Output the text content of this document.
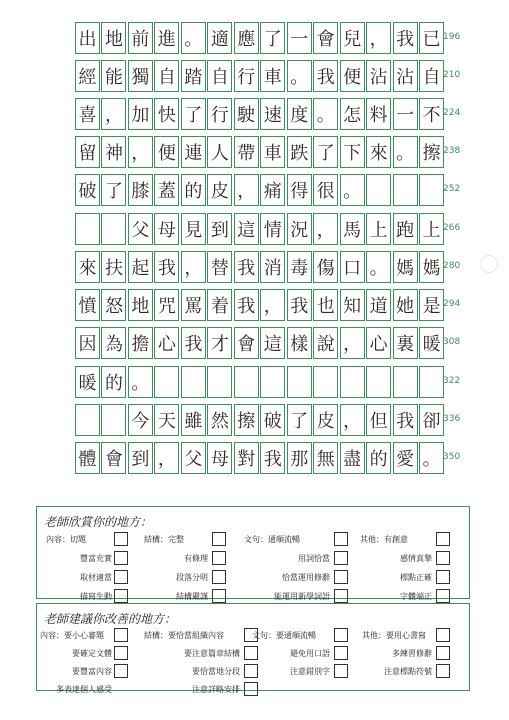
出 地 前 進 。 適 應 了 一 會 兒 ， 我 已
經 能 獨 自 踏 自 行 車 。 我 便 沾 沾 自
喜 ， 加 快 了 行 駛 速 度 。 怎 料 一 不
留 神 ， 便 連 人 帶 車 跌 了 下 來 。 擦
破 了 膝 蓋 的 皮 ， 痛 得 很 。
父 母 見 到 這 情 況 ， 馬 上 跑 上
來 扶 起 我 ， 替 我 消 毒 傷 口 。 媽 媽
憤 怒 地 咒 罵 着 我 ， 我 也 知 道 她 是
因 為 擔 心 我 才 會 這 樣 說 ， 心 裏 暖
暖 的 。
今 天 雖 然 擦 破 了 皮 ， 但 我 卻
體 會 到 ， 父 母 對 我 那 無 盡 的 愛 。
老師欣賞你的地方：
內容：切題
豐富充實
取材適當
描寫生動
結構：完整
有條理
段落分明
結構嚴謹
文句：通順流暢
用詞恰當
恰當運用修辭
能運用新學詞語
其他：有創意
感情真摯
標點正確
字體端正
老師建議你改善的地方：
內容：要小心審題
要確定文體
要豐富內容
多表達個人感受
結構：要恰當組織內容
要注意篇章結構
要恰當地分段
注意詳略安排
文句：要通順流暢
避免用口語
注意錯別字
其他：要用心書寫
多練習修辭
注意標點符號
196
210
224
238
252
266
280
294
308
322
336
350
